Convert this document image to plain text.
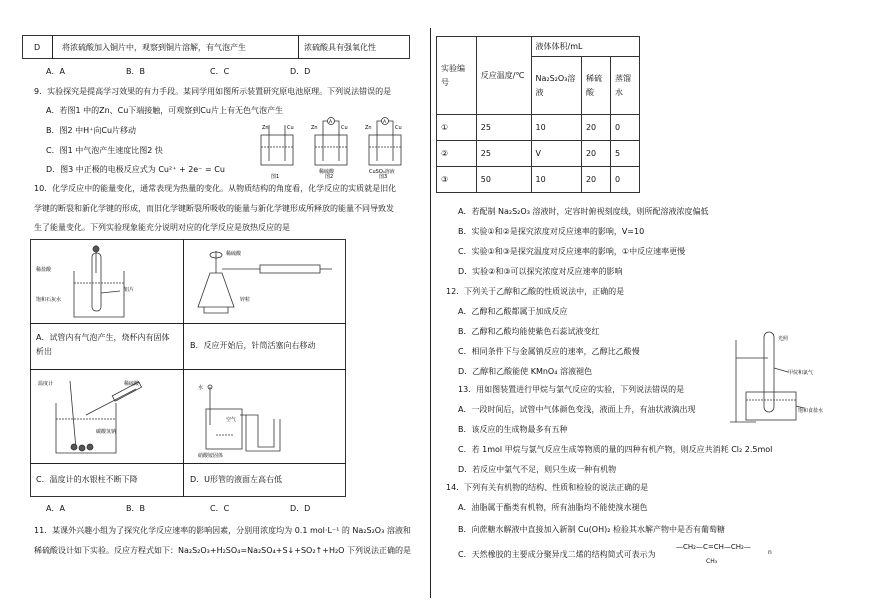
D	将浓硫酸加入铜片中，观察到铜片溶解，有气泡产生	浓硫酸具有强氧化性
A．A	B．B	C．C	D．D
9．实验探究是提高学习效果的有力手段。某同学用如图所示装置研究原电池原理。下列说法错误的是
A．若图1 中的Zn、Cu下端接触，可观察到Cu片上有无色气泡产生
B．图2 中H⁺向Cu片移动
C．图1 中气泡产生速度比图2 快
D．图3 中正极的电极反应式为 Cu²⁺ + 2e⁻ = Cu
Zn	Cu	Zn	Cu
A
Zn	Cu
A
稀硫酸	CuSO₄溶液
图1	图2	图3
10．化学反应中的能量变化，通常表现为热量的变化。从物质结构的角度看，化学反应的实质就是旧化
学键的断裂和新化学键的形成，而旧化学键断裂所吸收的能量与新化学键形成所释放的能量不同导致发
生了能量变化。下列实验现象能充分说明对应的化学反应是放热反应的是
稀盐酸
铝片
饱和石灰水
稀硫酸
锌粒
A．试管内有气泡产生，烧杯内有固体析出
B．反应开始后，针筒活塞向右移动
温度计	稀硫酸
碳酸氢钠
水
硝酸铵固体
空气
C．温度计的水银柱不断下降	D．U形管的液面左高右低
A．A	B．B	C．C	D．D
11．某课外兴趣小组为了探究化学反应速率的影响因素，分别用浓度均为 0.1 mol·L⁻¹ 的 Na₂S₂O₃ 溶液和
稀硫酸设计如下实验。反应方程式如下：Na₂S₂O₃+H₂SO₄=Na₂SO₄+S↓+SO₂↑+H₂O 下列说法正确的是
实验编号	反应温度/℃	液体体积/mL		
		Na₂S₂O₃溶液	稀硫酸	蒸馏水
①	25	10	20	0
②	25	V	20	5
③	50	10	20	0
A．若配制 Na₂S₂O₃ 溶液时，定容时俯视刻度线，则所配溶液浓度偏低
B．实验①和②是探究浓度对反应速率的影响，V=10
C．实验①和③是探究温度对反应速率的影响，①中反应速率更慢
D．实验②和③可以探究浓度对反应速率的影响
12．下列关于乙醇和乙酸的性质说法中，正确的是
A．乙醇和乙酸都属于加成反应
B．乙醇和乙酸均能使紫色石蕊试液变红
C．相同条件下与金属钠反应的速率，乙醇比乙酸慢
D．乙醇和乙酸能使 KMnO₄ 溶液褪色
13．用如图装置进行甲烷与氯气反应的实验，下列说法错误的是
A．一段时间后，试管中气体颜色变浅，液面上升，有油状液滴出现
B．该反应的生成物最多有五种
C．若 1mol 甲烷与氯气反应生成等物质的量的四种有机产物，则反应共消耗 Cl₂ 2.5mol
D．若反应中氯气不足，则只生成一种有机物
光照
甲烷和氯气
饱和食盐水
14．下列有关有机物的结构、性质和检验的说法正确的是
A．油脂属于酯类有机物，所有油脂均不能使溴水褪色
B．向蔗糖水解液中直接加入新制 Cu(OH)₂ 检验其水解产物中是否有葡萄糖
C．天然橡胶的主要成分聚异戊二烯的结构简式可表示为
—CH₂—C=CH—CH₂—
n
CH₃
